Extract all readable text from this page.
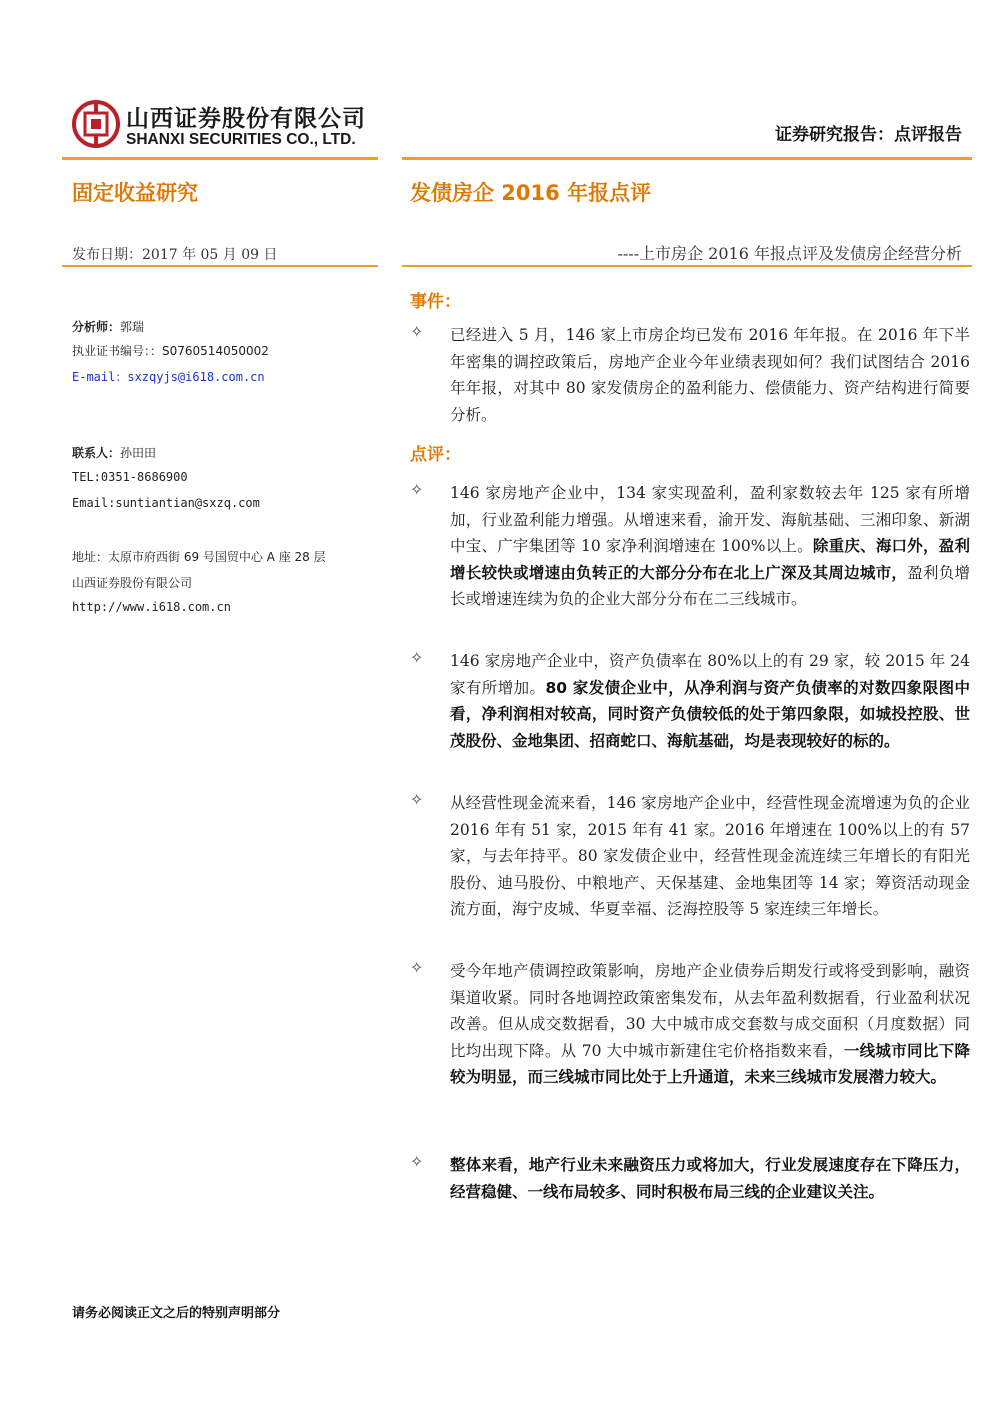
山西证券股份有限公司
SHANXI SECURITIES CO., LTD.	证券研究报告：点评报告
固定收益研究	发债房企 2016 年报点评
发布日期：2017 年 05 月 09 日	----上市房企 2016 年报点评及发债房企经营分析
分析师：郭瑞
执业证书编号：：S0760514050002
E-mail：sxzqyjs@i618.com.cn
联系人：孙田田
TEL:0351-8686900
Email:suntiantian@sxzq.com
地址：太原市府西街 69 号国贸中心 A 座 28 层
山西证券股份有限公司
http://www.i618.com.cn
事件：
✧ 已经进入 5 月，146 家上市房企均已发布 2016 年年报。在 2016 年下半年密集的调控政策后，房地产企业今年业绩表现如何？我们试图结合 2016 年年报，对其中 80 家发债房企的盈利能力、偿债能力、资产结构进行简要分析。
点评：
✧ 146 家房地产企业中，134 家实现盈利，盈利家数较去年 125 家有所增加，行业盈利能力增强。从增速来看，渝开发、海航基础、三湘印象、新湖中宝、广宇集团等 10 家净利润增速在 100%以上。除重庆、海口外，盈利增长较快或增速由负转正的大部分分布在北上广深及其周边城市，盈利负增长或增速连续为负的企业大部分分布在二三线城市。
✧ 146 家房地产企业中，资产负债率在 80%以上的有 29 家，较 2015 年 24 家有所增加。80 家发债企业中，从净利润与资产负债率的对数四象限图中看，净利润相对较高，同时资产负债较低的处于第四象限，如城投控股、世茂股份、金地集团、招商蛇口、海航基础，均是表现较好的标的。
✧ 从经营性现金流来看，146 家房地产企业中，经营性现金流增速为负的企业 2016 年有 51 家，2015 年有 41 家。2016 年增速在 100%以上的有 57 家，与去年持平。80 家发债企业中，经营性现金流连续三年增长的有阳光股份、迪马股份、中粮地产、天保基建、金地集团等 14 家；筹资活动现金流方面，海宁皮城、华夏幸福、泛海控股等 5 家连续三年增长。
✧ 受今年地产债调控政策影响，房地产企业债券后期发行或将受到影响，融资渠道收紧。同时各地调控政策密集发布，从去年盈利数据看，行业盈利状况改善。但从成交数据看，30 大中城市成交套数与成交面积（月度数据）同比均出现下降。从 70 大中城市新建住宅价格指数来看，一线城市同比下降较为明显，而三线城市同比处于上升通道，未来三线城市发展潜力较大。
✧ 整体来看，地产行业未来融资压力或将加大，行业发展速度存在下降压力，经营稳健、一线布局较多、同时积极布局三线的企业建议关注。
请务必阅读正文之后的特别声明部分
